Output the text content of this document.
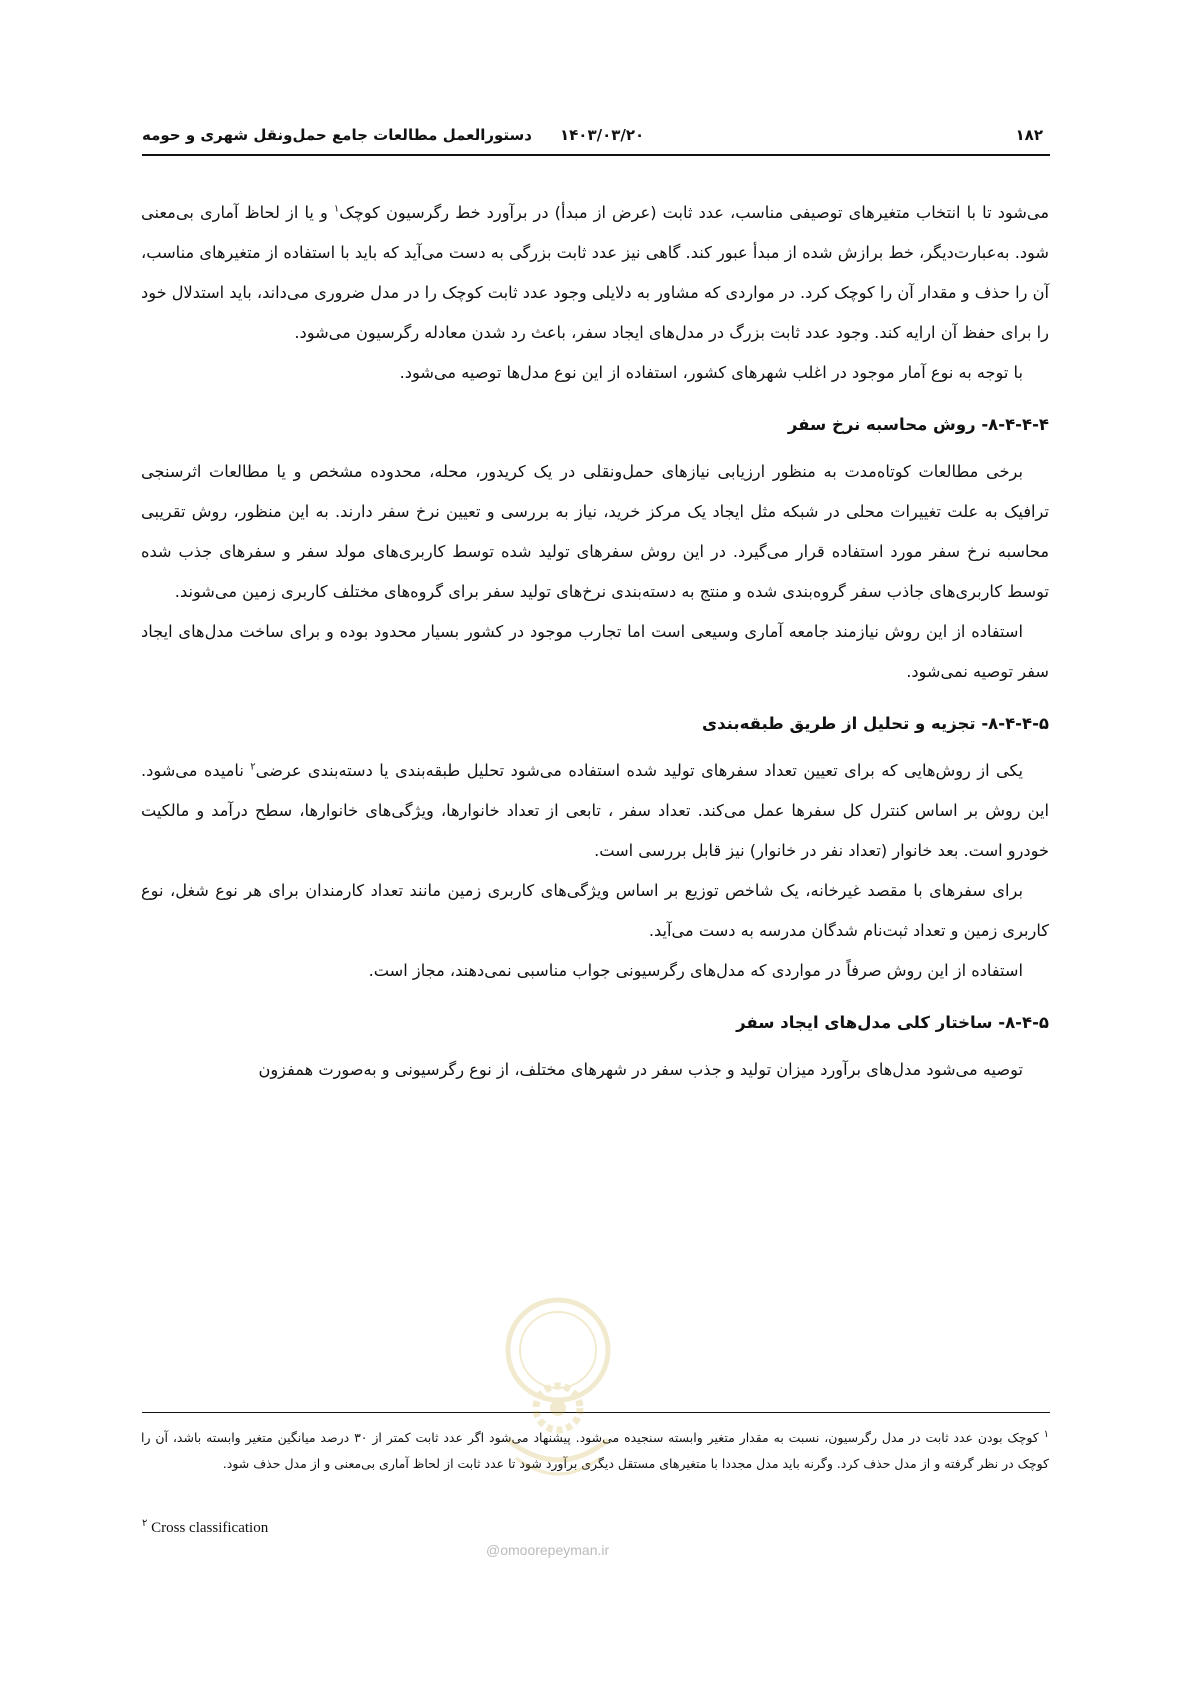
۱۸۲
۱۴۰۳/۰۳/۲۰
دستورالعمل مطالعات جامع حمل‌ونقل شهری و حومه

می‌شود تا با انتخاب متغیرهای توصیفی مناسب، عدد ثابت (عرض از مبدأ) در برآورد خط رگرسیون کوچک$^۱$ و یا از لحاظ آماری بی‌معنی شود. به‌عبارت‌دیگر، خط برازش شده از مبدأ عبور کند. گاهی نیز عدد ثابت بزرگی به دست می‌آید که باید با استفاده از متغیرهای مناسب، آن را حذف و مقدار آن را کوچک کرد. در مواردی که مشاور به دلایلی وجود عدد ثابت کوچک را در مدل ضروری می‌داند، باید استدلال خود را برای حفظ آن ارایه کند. وجود عدد ثابت بزرگ در مدل‌های ایجاد سفر، باعث رد شدن معادله رگرسیون می‌شود.

با توجه به نوع آمار موجود در اغلب شهرهای کشور، استفاده از این نوع مدل‌ها توصیه می‌شود.

۸-۴-۴-۴- روش محاسبه نرخ سفر

برخی مطالعات کوتاه‌مدت به منظور ارزیابی نیازهای حمل‌ونقلی در یک کریدور، محله، محدوده مشخص و یا مطالعات اثرسنجی ترافیک به علت تغییرات محلی در شبکه مثل ایجاد یک مرکز خرید، نیاز به بررسی و تعیین نرخ سفر دارند. به این منظور، روش تقریبی محاسبه نرخ سفر مورد استفاده قرار می‌گیرد. در این روش سفرهای تولید شده توسط کاربری‌های مولد سفر و سفرهای جذب شده توسط کاربری‌های جاذب سفر گروه‌بندی شده و منتج به دسته‌بندی نرخ‌های تولید سفر برای گروه‌های مختلف کاربری زمین می‌شوند.

استفاده از این روش نیازمند جامعه آماری وسیعی است اما تجارب موجود در کشور بسیار محدود بوده و برای ساخت مدل‌های ایجاد سفر توصیه نمی‌شود.

۸-۴-۴-۵- تجزیه و تحلیل از طریق طبقه‌بندی

یکی از روش‌هایی که برای تعیین تعداد سفرهای تولید شده استفاده می‌شود تحلیل طبقه‌بندی یا دسته‌بندی عرضی$^۲$ نامیده می‌شود. این روش بر اساس کنترل کل سفرها عمل می‌کند. تعداد سفر ، تابعی از تعداد خانوارها، ویژگی‌های خانوارها، سطح درآمد و مالکیت خودرو است. بعد خانوار (تعداد نفر در خانوار) نیز قابل بررسی است.

برای سفرهای با مقصد غیرخانه، یک شاخص توزیع بر اساس ویژگی‌های کاربری زمین مانند تعداد کارمندان برای هر نوع شغل، نوع کاربری زمین و تعداد ثبت‌نام شدگان مدرسه به دست می‌آید.

استفاده از این روش صرفاً در مواردی که مدل‌های رگرسیونی جواب مناسبی نمی‌دهند، مجاز است.

۸-۴-۵- ساختار کلی مدل‌های ایجاد سفر

توصیه می‌شود مدل‌های برآورد میزان تولید و جذب سفر در شهرهای مختلف، از نوع رگرسیونی و به‌صورت همفزون

$^۱$ کوچک بودن عدد ثابت در مدل رگرسیون، نسبت به مقدار متغیر وابسته سنجیده می‌شود. پیشنهاد می‌شود اگر عدد ثابت کمتر از ۳۰ درصد میانگین متغیر وابسته باشد، آن را کوچک در نظر گرفته و از مدل حذف کرد. وگرنه باید مدل مجددا با متغیرهای مستقل دیگری برآورد شود تا عدد ثابت از لحاظ آماری بی‌معنی و از مدل حذف شود.
$^۲$ Cross classification
@omoorepeyman.ir
